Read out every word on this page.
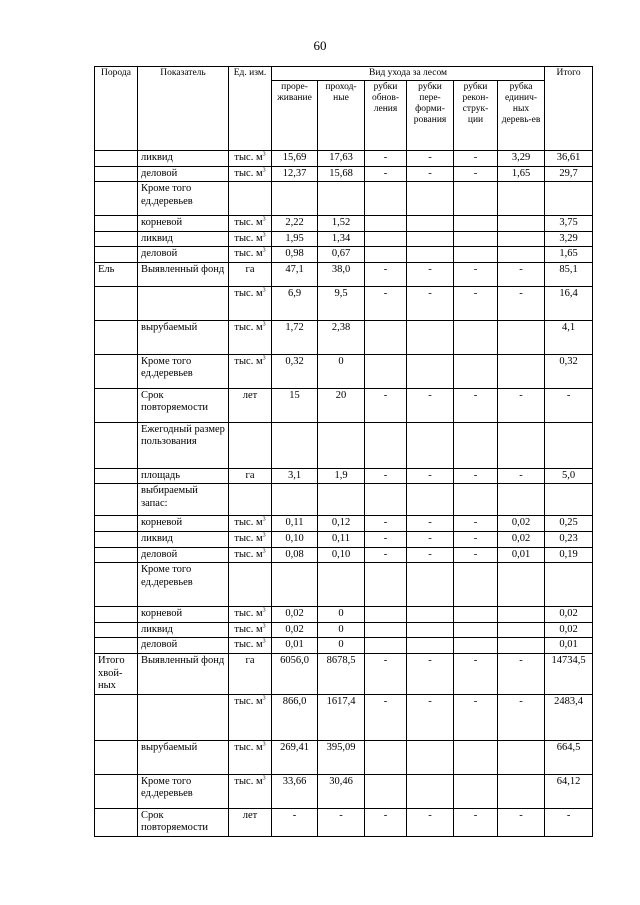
60
Порода	Показатель	Ед. изм.	Вид ухода за лесом						Итого
			проре-живание	проход-ные	рубки обнов-ления	рубки пере-форми-рования	рубки рекон-струк-ции	рубка единич-ных деревь-ев	
	ликвид	тыс. $м^3$	15,69	17,63	-	-	-	3,29	36,61
	деловой	тыс. $м^3$	12,37	15,68	-	-	-	1,65	29,7
	Кроме того ед.деревьев								
	корневой	тыс. $м^3$	2,22	1,52					3,75
	ликвид	тыс. $м^3$	1,95	1,34					3,29
	деловой	тыс. $м^3$	0,98	0,67					1,65
Ель	Выявленный фонд	га	47,1	38,0	-	-	-	-	85,1
		тыс. $м^3$	6,9	9,5	-	-	-	-	16,4
	вырубаемый	тыс. $м^3$	1,72	2,38					4,1
	Кроме того ед.деревьев	тыс. $м^3$	0,32	0					0,32
	Срок повторяемости	лет	15	20	-	-	-	-	-
	Ежегодный размер пользования								
	площадь	га	3,1	1,9	-	-	-	-	5,0
	выбираемый запас:								
	корневой	тыс. $м^3$	0,11	0,12	-	-	-	0,02	0,25
	ликвид	тыс. $м^3$	0,10	0,11	-	-	-	0,02	0,23
	деловой	тыс. $м^3$	0,08	0,10	-	-	-	0,01	0,19
	Кроме того ед.деревьев								
	корневой	тыс. $м^3$	0,02	0					0,02
	ликвид	тыс. $м^3$	0,02	0					0,02
	деловой	тыс. $м^3$	0,01	0					0,01
Итого хвой-ных	Выявленный фонд	га	6056,0	8678,5	-	-	-	-	14734,5
		тыс. $м^3$	866,0	1617,4	-	-	-	-	2483,4
	вырубаемый	тыс. $м^3$	269,41	395,09					664,5
	Кроме того ед.деревьев	тыс. $м^3$	33,66	30,46					64,12
	Срок повторяемости	лет	-	-	-	-	-	-	-
